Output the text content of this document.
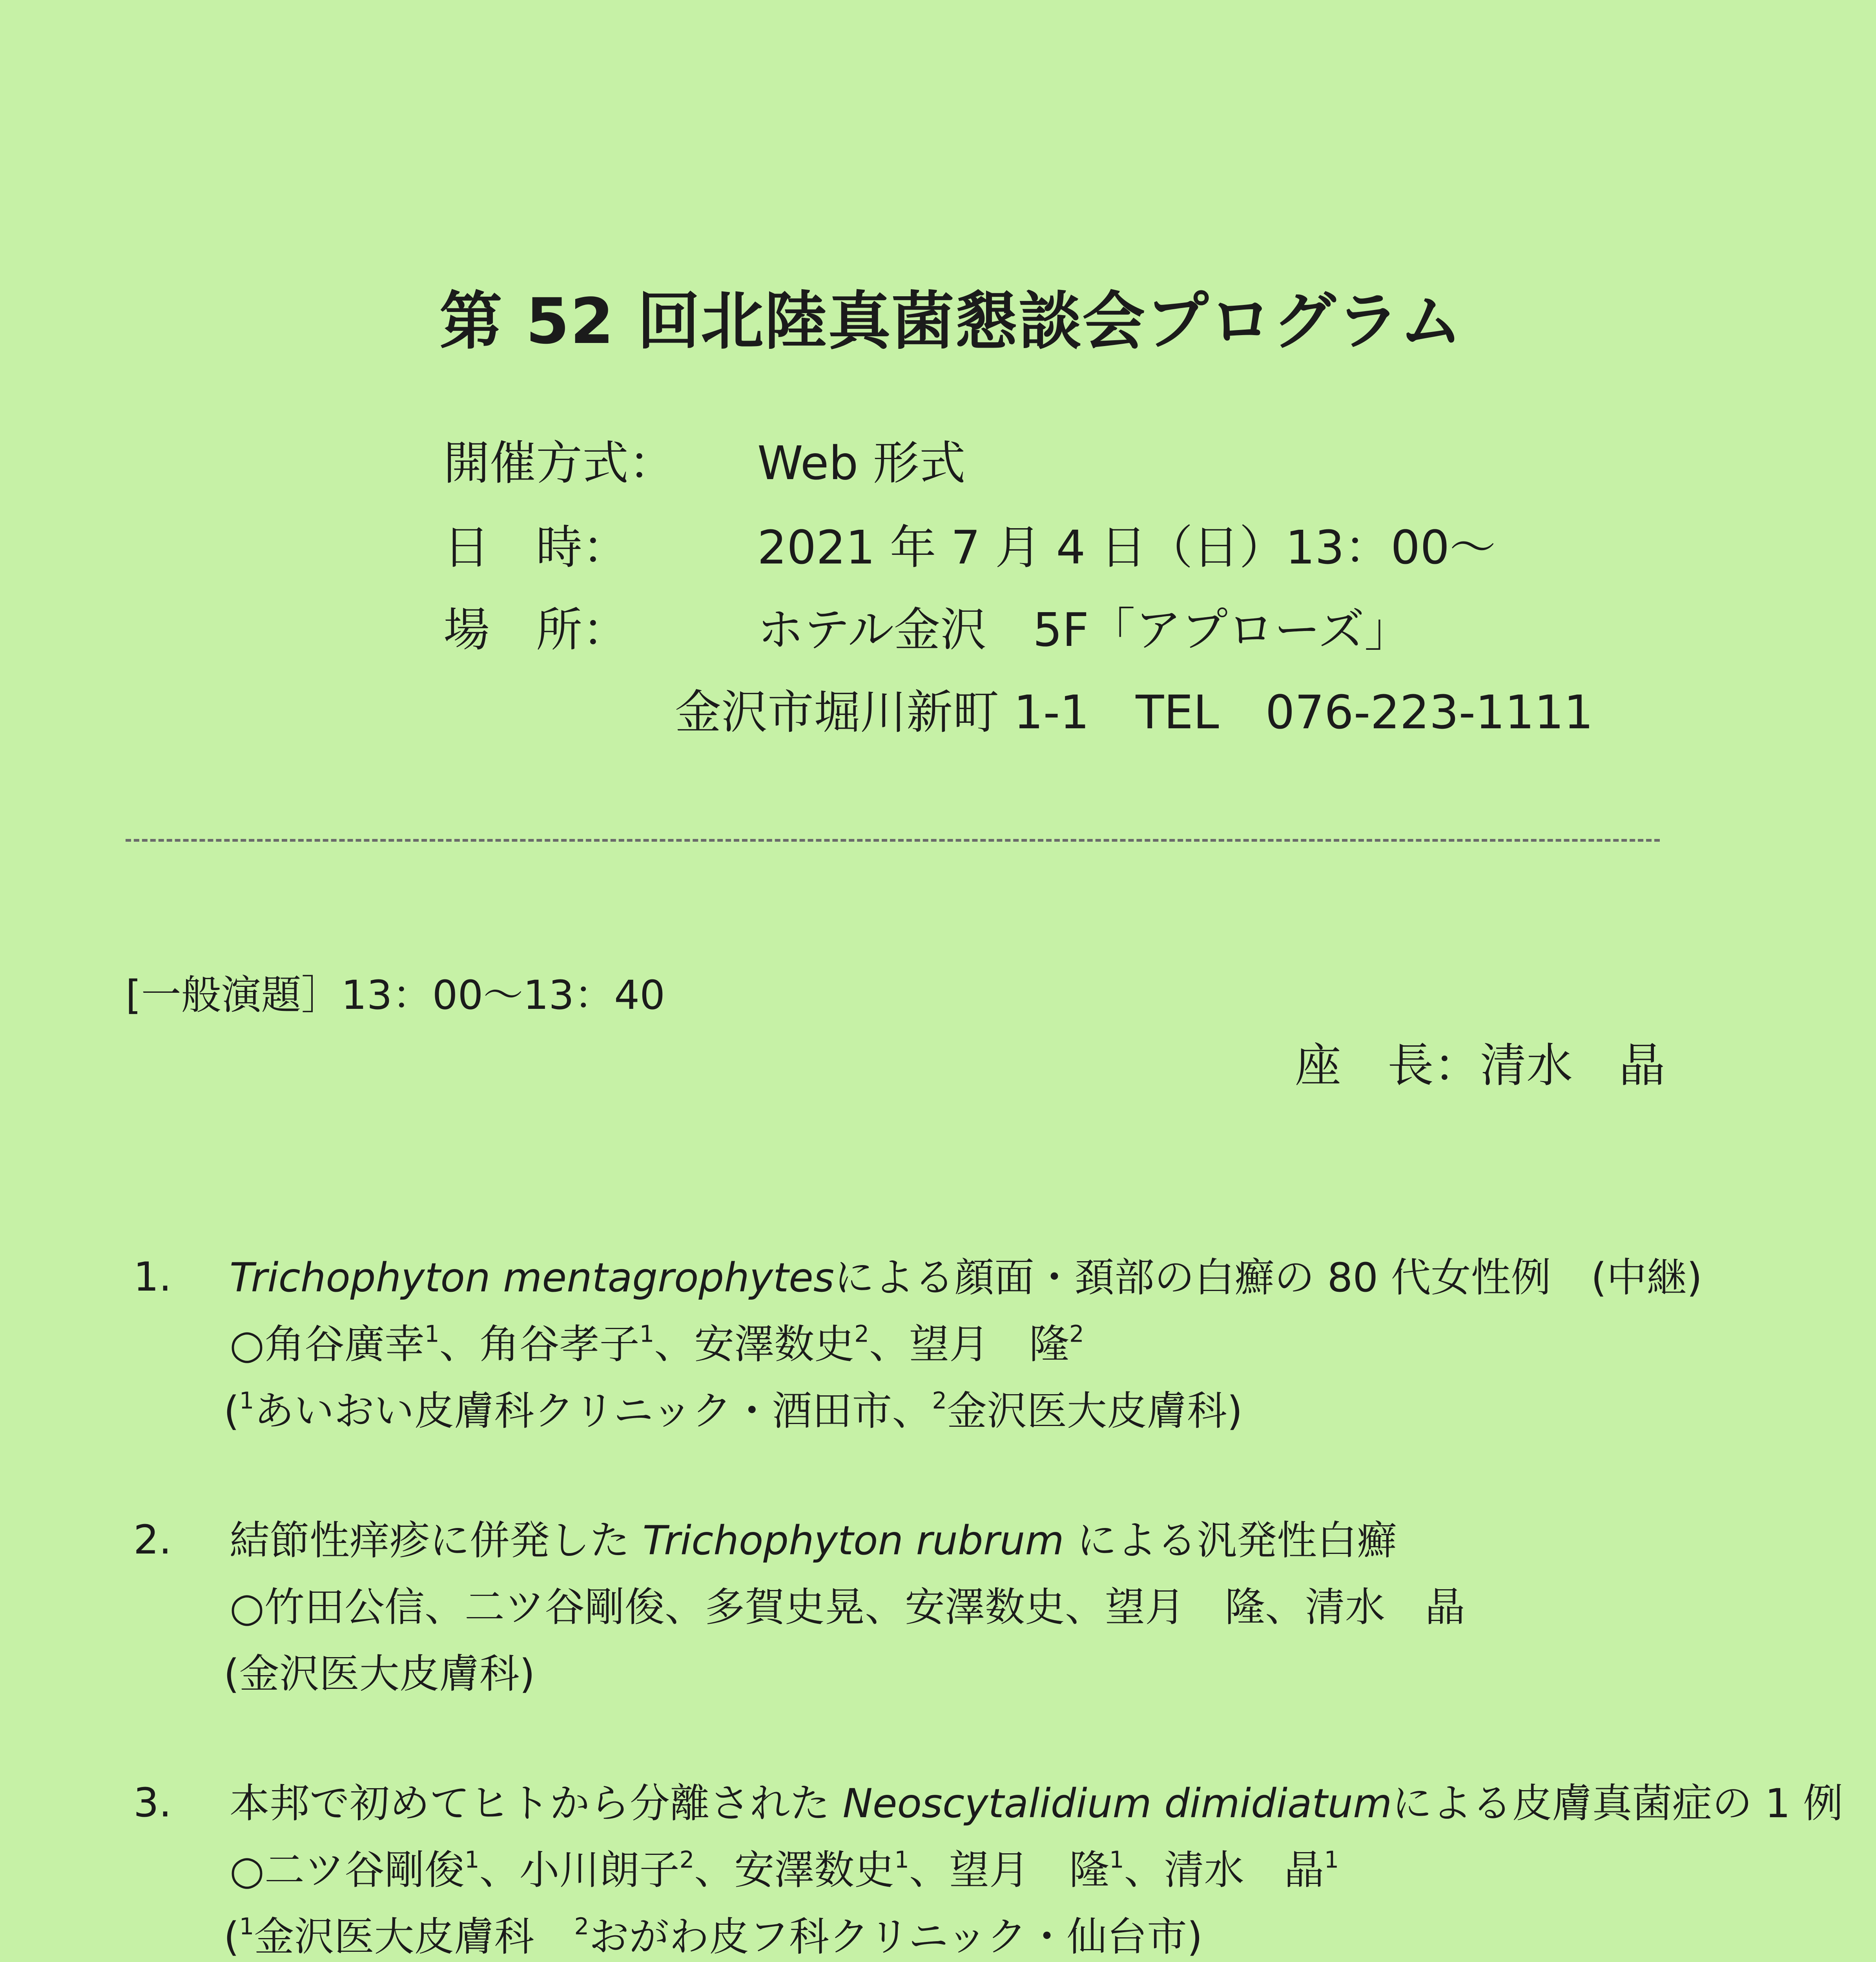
第 52 回北陸真菌懇談会プログラム
開催方式： Web 形式
日　時：	2021 年 7 月 4 日（日）13：00～
場　所：	ホテル金沢　5F「アプローズ」
金沢市堀川新町 1-1　TEL　076-223-1111
[一般演題］13：00～13：40
座　長：清水　晶
1. Trichophyton mentagrophytesによる顔面・頚部の白癬の 80 代女性例　(中継)
○角谷廣幸$^1$、角谷孝子$^1$、安澤数史$^2$、望月　隆$^2$
($^1$あいおい皮膚科クリニック・酒田市、$^2$金沢医大皮膚科)
2. 結節性痒疹に併発した Trichophyton rubrum による汎発性白癬
○竹田公信、二ツ谷剛俊、多賀史晃、安澤数史、望月　隆、清水　晶
(金沢医大皮膚科)
3. 本邦で初めてヒトから分離された Neoscytalidium dimidiatumによる皮膚真菌症の 1 例
○二ツ谷剛俊$^1$、小川朗子$^2$、安澤数史$^1$、望月　隆$^1$、清水　晶$^1$
($^1$金沢医大皮膚科　$^2$おがわ皮フ科クリニック・仙台市)
